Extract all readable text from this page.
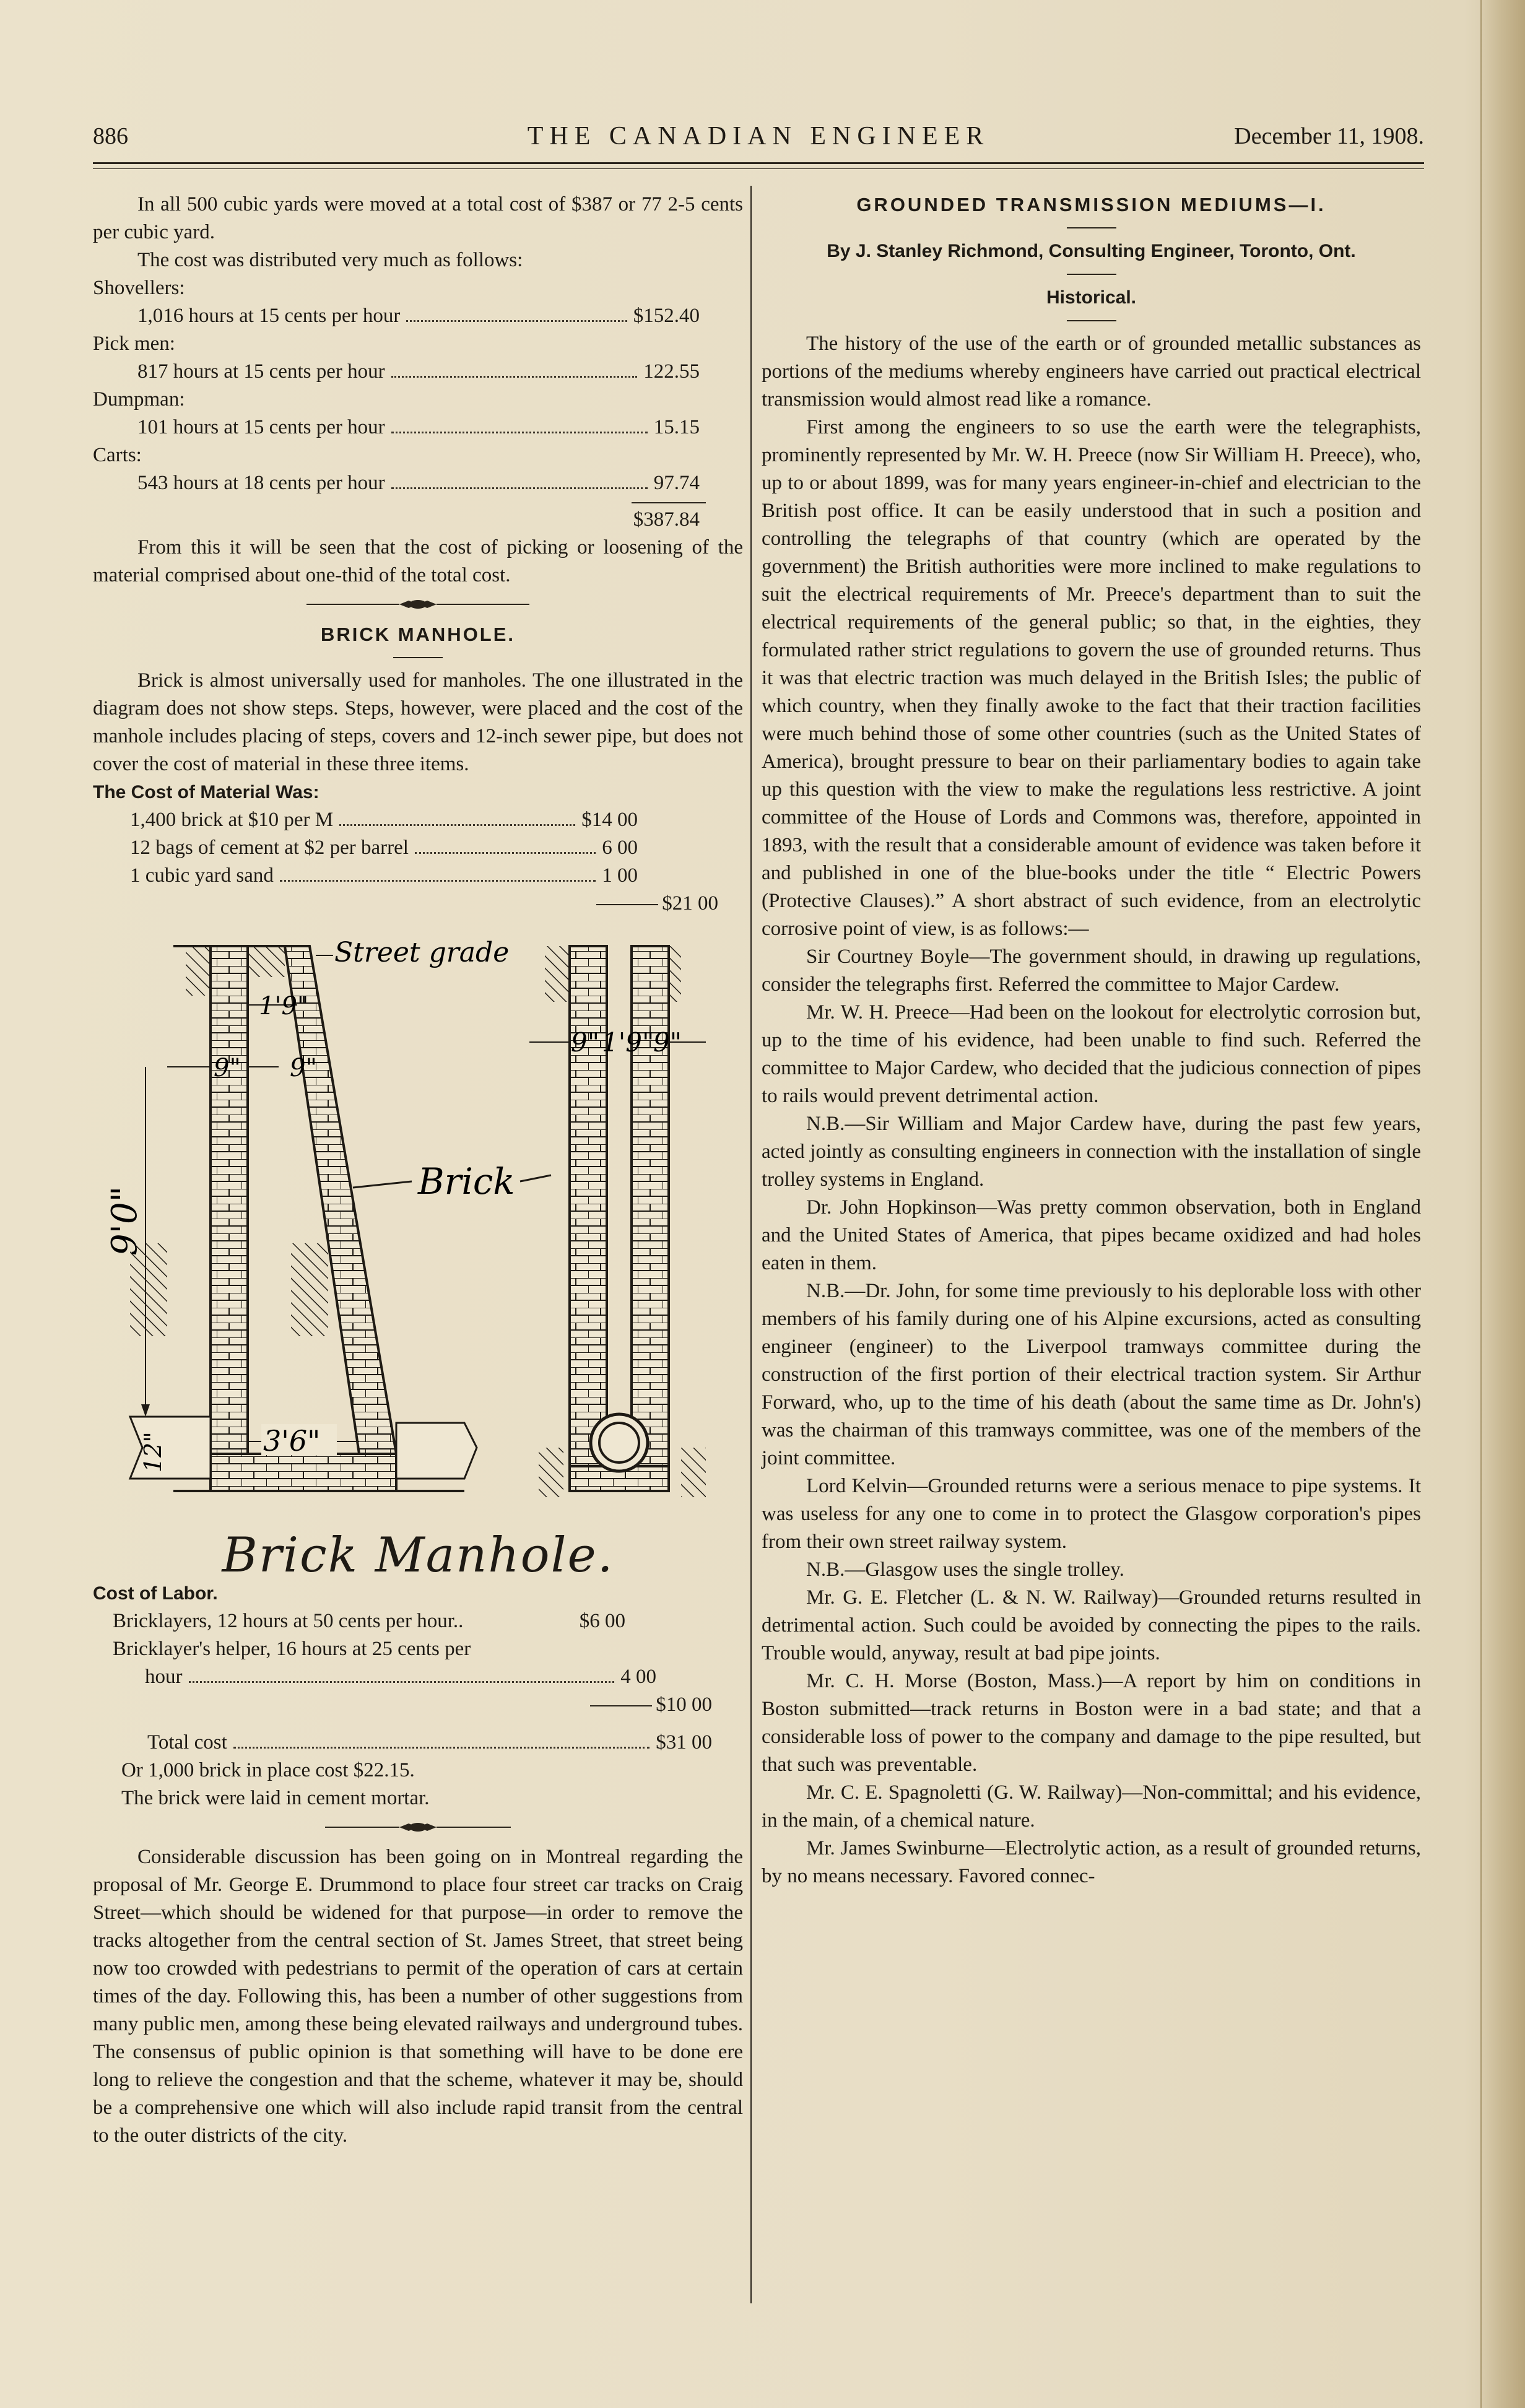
886	THE CANADIAN ENGINEER	December 11, 1908.

In all 500 cubic yards were moved at a total cost of $387 or 77 2-5 cents per cubic yard.

The cost was distributed very much as follows:

Shovellers:

1,016 hours at 15 cents per hour	$152.40

Pick men:

817 hours at 15 cents per hour	122.55

Dumpman:

101 hours at 15 cents per hour	15.15

Carts:

543 hours at 18 cents per hour	97.74

$387.84

From this it will be seen that the cost of picking or loosening of the material comprised about one-thid of the total cost.

BRICK MANHOLE.

Brick is almost universally used for manholes. The one illustrated in the diagram does not show steps. Steps, however, were placed and the cost of the manhole includes placing of steps, covers and 12-inch sewer pipe, but does not cover the cost of material in these three items.

The Cost of Material Was:

1,400 brick at $10 per M	$14 00
12 bags of cement at $2 per barrel	6 00
1 cubic yard sand	1 00

$21 00

1'9"
9" 9"
Street grade
9'0"
12"	3'6"
Brick
9" 1'9"
9"

Brick Manhole.

Cost of Labor.

Bricklayers, 12 hours at 50 cents per hour..	$6 00
Bricklayer's helper, 16 hours at 25 cents per
hour	4 00

$10 00

Total cost	$31 00

Or 1,000 brick in place cost $22.15.

The brick were laid in cement mortar.

Considerable discussion has been going on in Montreal regarding the proposal of Mr. George E. Drummond to place four street car tracks on Craig Street—which should be widened for that purpose—in order to remove the tracks altogether from the central section of St. James Street, that street being now too crowded with pedestrians to permit of the operation of cars at certain times of the day. Following this, has been a number of other suggestions from many public men, among these being elevated railways and underground tubes. The consensus of public opinion is that something will have to be done ere long to relieve the congestion and that the scheme, whatever it may be, should be a comprehensive one which will also include rapid transit from the central to the outer districts of the city.

GROUNDED TRANSMISSION MEDIUMS—I.

By J. Stanley Richmond, Consulting Engineer, Toronto, Ont.

Historical.

The history of the use of the earth or of grounded metallic substances as portions of the mediums whereby engineers have carried out practical electrical transmission would almost read like a romance.

First among the engineers to so use the earth were the telegraphists, prominently represented by Mr. W. H. Preece (now Sir William H. Preece), who, up to or about 1899, was for many years engineer-in-chief and electrician to the British post office. It can be easily understood that in such a position and controlling the telegraphs of that country (which are operated by the government) the British authorities were more inclined to make regulations to suit the electrical requirements of Mr. Preece's department than to suit the electrical requirements of the general public; so that, in the eighties, they formulated rather strict regulations to govern the use of grounded returns. Thus it was that electric traction was much delayed in the British Isles; the public of which country, when they finally awoke to the fact that their traction facilities were much behind those of some other countries (such as the United States of America), brought pressure to bear on their parliamentary bodies to again take up this question with the view to make the regulations less restrictive. A joint committee of the House of Lords and Commons was, therefore, appointed in 1893, with the result that a considerable amount of evidence was taken before it and published in one of the blue-books under the title “ Electric Powers (Protective Clauses).” A short abstract of such evidence, from an electrolytic corrosive point of view, is as follows:—

Sir Courtney Boyle—The government should, in drawing up regulations, consider the telegraphs first. Referred the committee to Major Cardew.

Mr. W. H. Preece—Had been on the lookout for electrolytic corrosion but, up to the time of his evidence, had been unable to find such. Referred the committee to Major Cardew, who decided that the judicious connection of pipes to rails would prevent detrimental action.

N.B.—Sir William and Major Cardew have, during the past few years, acted jointly as consulting engineers in connection with the installation of single trolley systems in England.

Dr. John Hopkinson—Was pretty common observation, both in England and the United States of America, that pipes became oxidized and had holes eaten in them.

N.B.—Dr. John, for some time previously to his deplorable loss with other members of his family during one of his Alpine excursions, acted as consulting engineer (engineer) to the Liverpool tramways committee during the construction of the first portion of their electrical traction system. Sir Arthur Forward, who, up to the time of his death (about the same time as Dr. John's) was the chairman of this tramways committee, was one of the members of the joint committee.

Lord Kelvin—Grounded returns were a serious menace to pipe systems. It was useless for any one to come in to protect the Glasgow corporation's pipes from their own street railway system.

N.B.—Glasgow uses the single trolley.

Mr. G. E. Fletcher (L. & N. W. Railway)—Grounded returns resulted in detrimental action. Such could be avoided by connecting the pipes to the rails. Trouble would, anyway, result at bad pipe joints.

Mr. C. H. Morse (Boston, Mass.)—A report by him on conditions in Boston submitted—track returns in Boston were in a bad state; and that a considerable loss of power to the company and damage to the pipe resulted, but that such was preventable.

Mr. C. E. Spagnoletti (G. W. Railway)—Non-committal; and his evidence, in the main, of a chemical nature.

Mr. James Swinburne—Electrolytic action, as a result of grounded returns, by no means necessary. Favored connec-
